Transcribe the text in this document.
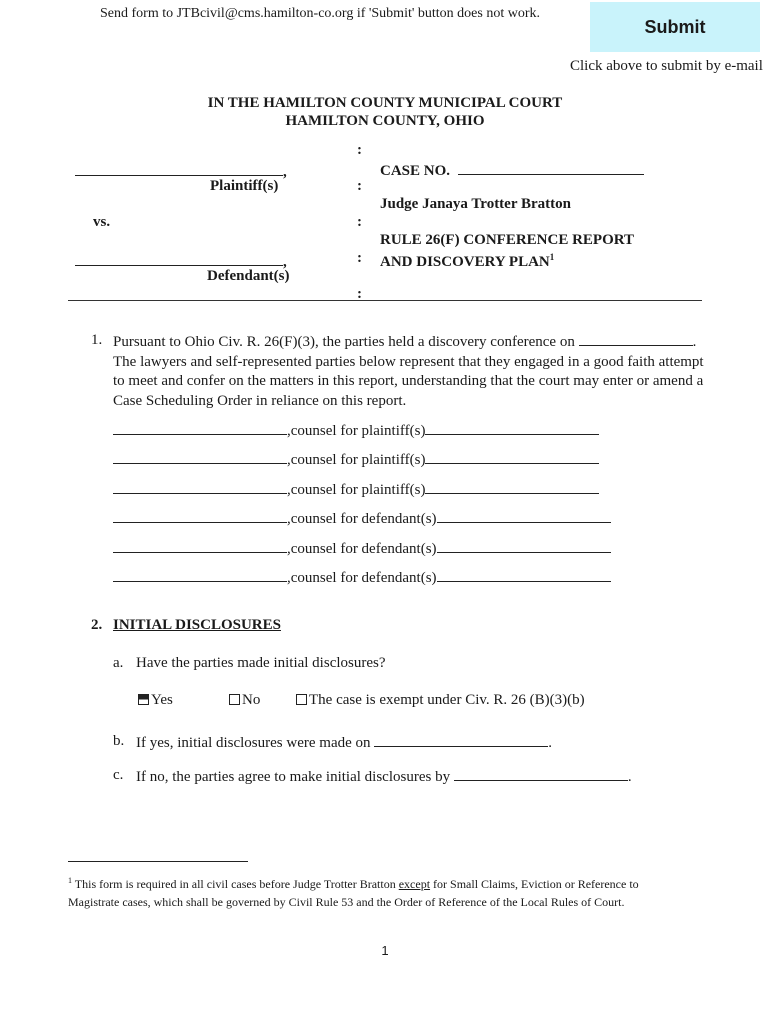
Send form to JTBcivil@cms.hamilton-co.org if 'Submit' button does not work.
Submit
Click above to submit by e-mail
IN THE HAMILTON COUNTY MUNICIPAL COURT
HAMILTON COUNTY, OHIO
,
Plaintiff(s)
vs.
,
Defendant(s)
:
:
:
:
:
CASE NO.
Judge Janaya Trotter Bratton
RULE 26(F) CONFERENCE REPORT
AND DISCOVERY PLAN$^1$
1. Pursuant to Ohio Civ. R. 26(F)(3), the parties held a discovery conference on	. The lawyers and self-represented parties below represent that they engaged in a good faith attempt to meet and confer on the matters in this report, understanding that the court may enter or amend a Case Scheduling Order in reliance on this report.
,counsel for plaintiff(s)
,counsel for plaintiff(s)
,counsel for plaintiff(s)
,counsel for defendant(s)
,counsel for defendant(s)
,counsel for defendant(s)
2. INITIAL DISCLOSURES
a. Have the parties made initial disclosures?
Yes	No	The case is exempt under Civ. R. 26 (B)(3)(b)
b. If yes, initial disclosures were made on	.
c. If no, the parties agree to make initial disclosures by	.
$^1$ This form is required in all civil cases before Judge Trotter Bratton except for Small Claims, Eviction or Reference to Magistrate cases, which shall be governed by Civil Rule 53 and the Order of Reference of the Local Rules of Court.
1
